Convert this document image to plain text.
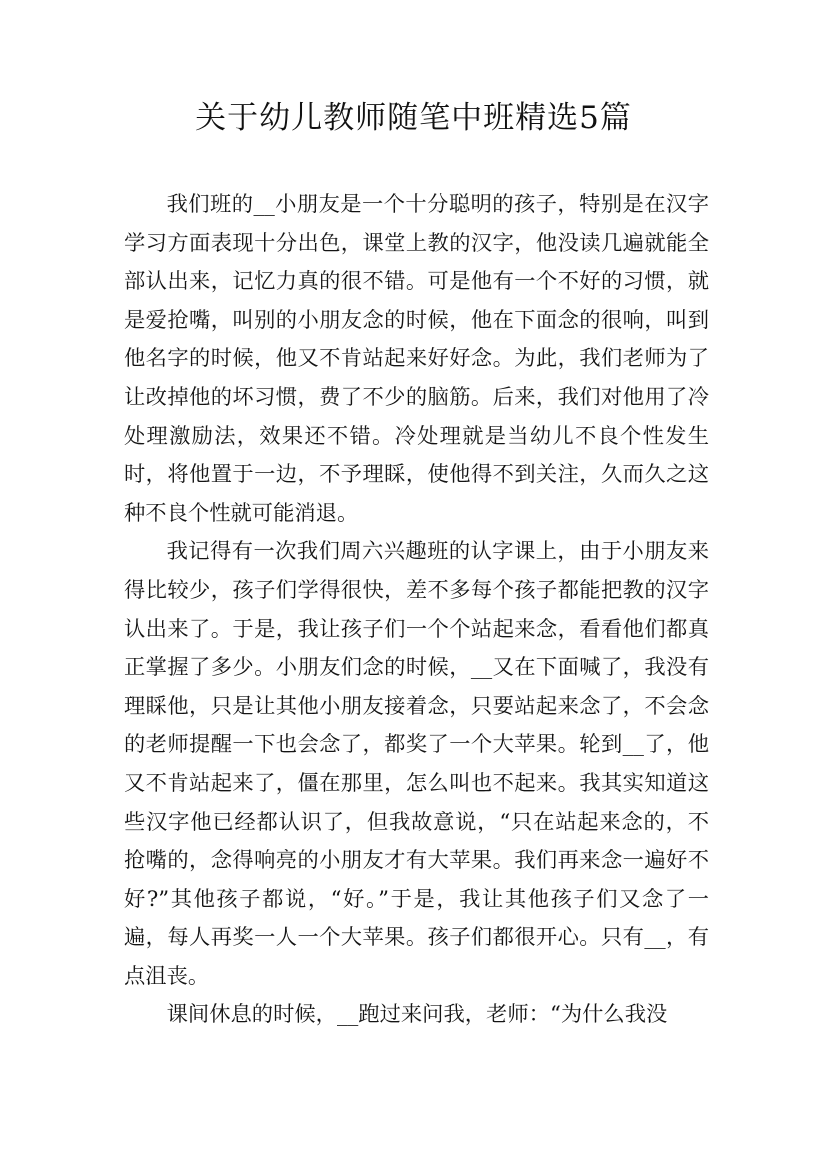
关于幼儿教师随笔中班精选5篇

我们班的__小朋友是一个十分聪明的孩子，特别是在汉字学习方面表现十分出色，课堂上教的汉字，他没读几遍就能全部认出来，记忆力真的很不错。可是他有一个不好的习惯，就是爱抢嘴，叫别的小朋友念的时候，他在下面念的很响，叫到他名字的时候，他又不肯站起来好好念。为此，我们老师为了让改掉他的坏习惯，费了不少的脑筋。后来，我们对他用了冷处理激励法，效果还不错。冷处理就是当幼儿不良个性发生时，将他置于一边，不予理睬，使他得不到关注，久而久之这种不良个性就可能消退。

我记得有一次我们周六兴趣班的认字课上，由于小朋友来得比较少，孩子们学得很快，差不多每个孩子都能把教的汉字认出来了。于是，我让孩子们一个个站起来念，看看他们都真正掌握了多少。小朋友们念的时候，__又在下面喊了，我没有理睬他，只是让其他小朋友接着念，只要站起来念了，不会念的老师提醒一下也会念了，都奖了一个大苹果。轮到__了，他又不肯站起来了，僵在那里，怎么叫也不起来。我其实知道这些汉字他已经都认识了，但我故意说，“只在站起来念的，不抢嘴的，念得响亮的小朋友才有大苹果。我们再来念一遍好不好?”其他孩子都说，“好。”于是，我让其他孩子们又念了一遍，每人再奖一人一个大苹果。孩子们都很开心。只有__，有点沮丧。

课间休息的时候，__跑过来问我，老师：“为什么我没
